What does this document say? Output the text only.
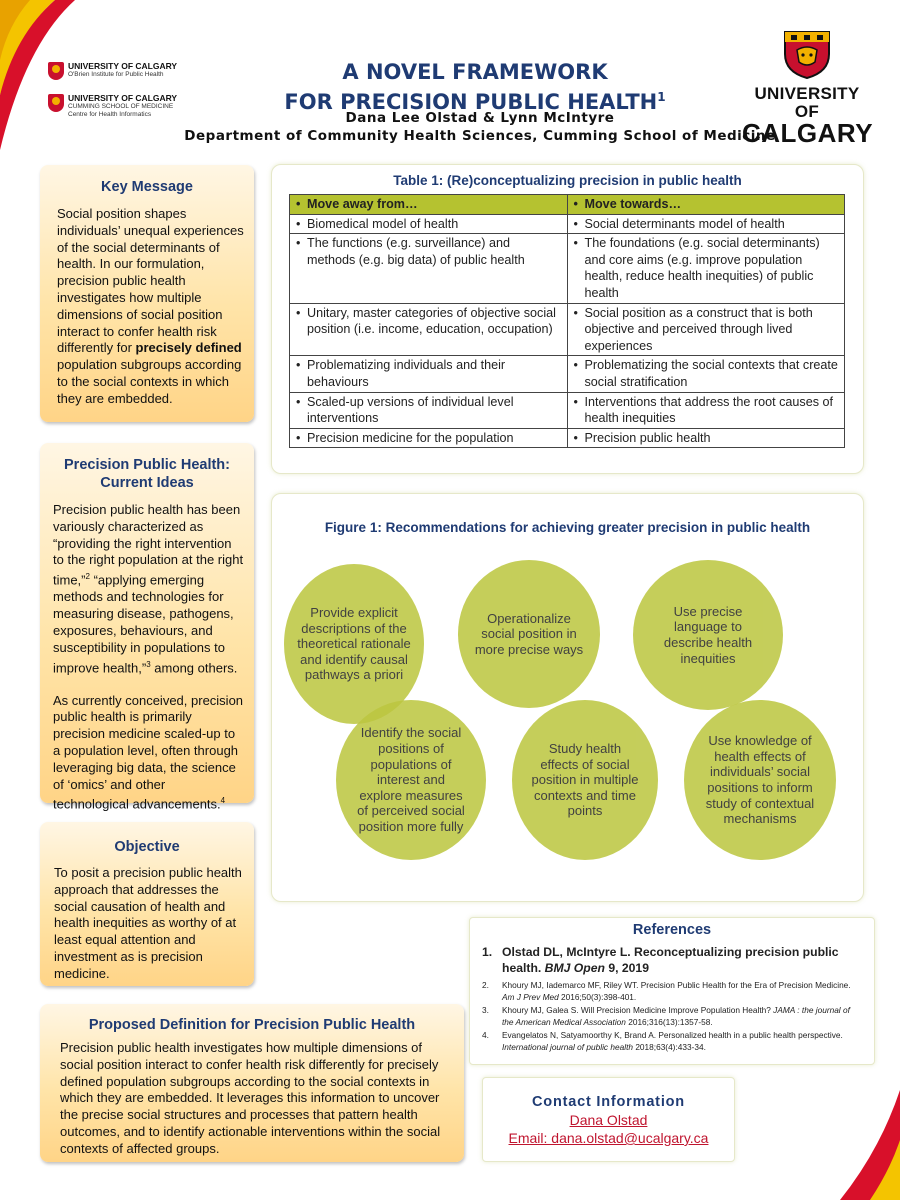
UNIVERSITY OF CALGARY
O'Brien Institute for Public Health
UNIVERSITY OF CALGARY
CUMMING SCHOOL OF MEDICINE
Centre for Health Informatics
A NOVEL FRAMEWORK
FOR PRECISION PUBLIC HEALTH$^1$
Dana Lee Olstad & Lynn McIntyre
Department of Community Health Sciences, Cumming School of Medicine
UNIVERSITY OF
CALGARY
Key Message
Social position shapes individuals’ unequal experiences of the social determinants of health. In our formulation, precision public health investigates how multiple dimensions of social position interact to confer health risk differently for precisely defined population subgroups according to the social contexts in which they are embedded.
Precision Public Health:
Current Ideas
Precision public health has been variously characterized as “providing the right intervention to the right population at the right time,”$^2$ “applying emerging methods and technologies for measuring disease, pathogens, exposures, behaviours, and susceptibility in populations to improve health,”$^3$ among others.
As currently conceived, precision public health is primarily precision medicine scaled-up to a population level, often through leveraging big data, the science of ‘omics’ and other technological advancements.$^4$
Objective
To posit a precision public health approach that addresses the social causation of health and health inequities as worthy of at least equal attention and investment as is precision medicine.
Proposed Definition for Precision Public Health
Precision public health investigates how multiple dimensions of social position interact to confer health risk differently for precisely defined population subgroups according to the social contexts in which they are embedded. It leverages this information to uncover the precise social structures and processes that pattern health outcomes, and to identify actionable interventions within the social contexts of affected groups.
Table 1: (Re)conceptualizing precision in public health
• Move away from…	• Move towards…
• Biomedical model of health	• Social determinants model of health
• The functions (e.g. surveillance) and methods (e.g. big data) of public health	• The foundations (e.g. social determinants) and core aims (e.g. improve population health, reduce health inequities) of public health
• Unitary, master categories of objective social position (i.e. income, education, occupation)	• Social position as a construct that is both objective and perceived through lived experiences
• Problematizing individuals and their behaviours	• Problematizing the social contexts that create social stratification
• Scaled-up versions of individual level interventions	• Interventions that address the root causes of health inequities
• Precision medicine for the population	• Precision public health
Figure 1: Recommendations for achieving greater precision in public health
Provide explicit descriptions of the theoretical rationale and identify causal pathways a priori
Operationalize social position in more precise ways
Use precise language to describe health inequities
Identify the social positions of populations of interest and explore measures of perceived social position more fully
Study health effects of social position in multiple contexts and time points
Use knowledge of health effects of individuals’ social positions to inform study of contextual mechanisms
References
1. Olstad DL, McIntyre L. Reconceptualizing precision public health. BMJ Open 9, 2019
2. Khoury MJ, Iademarco MF, Riley WT. Precision Public Health for the Era of Precision Medicine. Am J Prev Med 2016;50(3):398-401.
3. Khoury MJ, Galea S. Will Precision Medicine Improve Population Health? JAMA : the journal of the American Medical Association 2016;316(13):1357-58.
4. Evangelatos N, Satyamoorthy K, Brand A. Personalized health in a public health perspective. International journal of public health 2018;63(4):433-34.
Contact Information
Dana Olstad
Email: dana.olstad@ucalgary.ca
